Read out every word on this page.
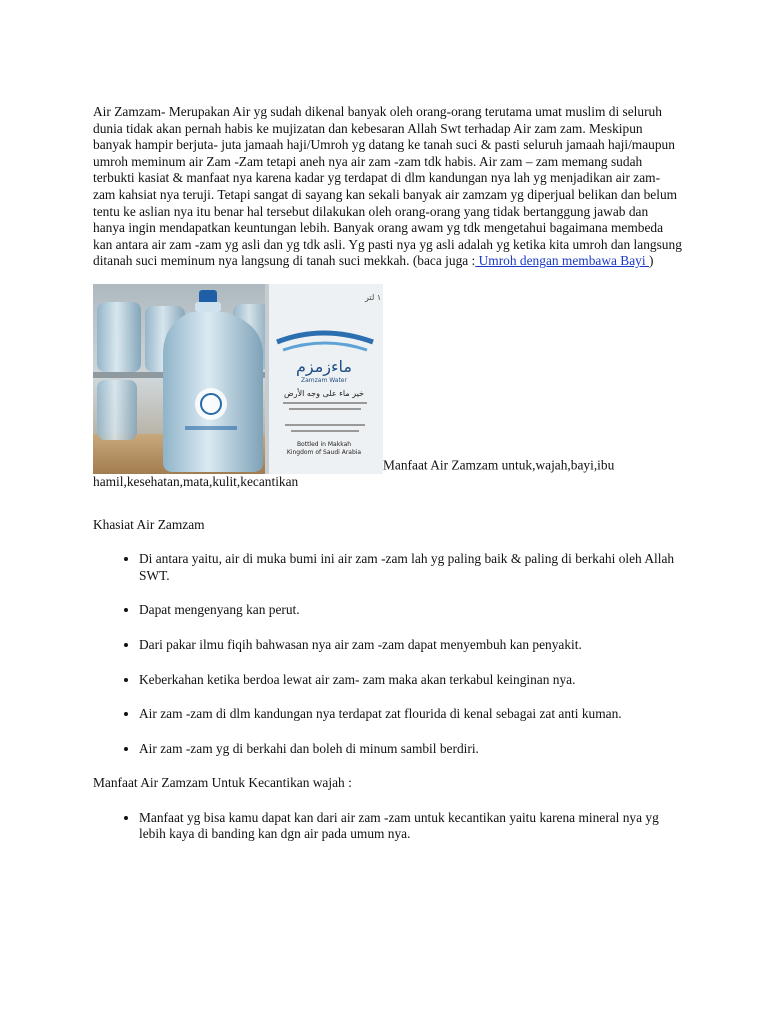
Air Zamzam- Merupakan Air yg sudah dikenal banyak oleh orang-orang terutama umat muslim di seluruh dunia tidak akan pernah habis ke mujizatan dan kebesaran Allah Swt terhadap Air zam zam. Meskipun banyak hampir berjuta- juta jamaah haji/Umroh yg datang ke tanah suci & pasti seluruh jamaah haji/maupun umroh meminum air Zam -Zam tetapi aneh nya air zam -zam tdk habis. Air zam – zam memang sudah terbukti kasiat & manfaat nya karena kadar yg terdapat di dlm kandungan nya lah yg menjadikan air zam- zam kahsiat nya teruji. Tetapi sangat di sayang kan sekali banyak air zamzam yg diperjual belikan dan belum tentu ke aslian nya itu benar hal tersebut dilakukan oleh orang-orang yang tidak bertanggung jawab dan hanya ingin mendapatkan keuntungan lebih. Banyak orang awam yg tdk mengetahui bagaimana membeda kan antara air zam -zam yg asli dan yg tdk asli. Yg pasti nya yg asli adalah yg ketika kita umroh dan langsung ditanah suci meminum nya langsung di tanah suci mekkah. (baca juga : Umroh dengan membawa Bayi )

١ لتر
ماءزمزم
Zamzam Water
خير ماء على وجه الأرض
Bottled in Makkah
Kingdom of Saudi Arabia
Manfaat Air Zamzam untuk,wajah,bayi,ibu hamil,kesehatan,mata,kulit,kecantikan

Khasiat Air Zamzam

• Di antara yaitu, air di muka bumi ini air zam -zam lah yg paling baik & paling di berkahi oleh Allah SWT.
• Dapat mengenyang kan perut.
• Dari pakar ilmu fiqih bahwasan nya air zam -zam dapat menyembuh kan penyakit.
• Keberkahan ketika berdoa lewat air zam- zam maka akan terkabul keinginan nya.
• Air zam -zam di dlm kandungan nya terdapat zat flourida di kenal sebagai zat anti kuman.
• Air zam -zam yg di berkahi dan boleh di minum sambil berdiri.

Manfaat Air Zamzam Untuk Kecantikan wajah :

• Manfaat yg bisa kamu dapat kan dari air zam -zam untuk kecantikan yaitu karena mineral nya yg lebih kaya di banding kan dgn air pada umum nya.
